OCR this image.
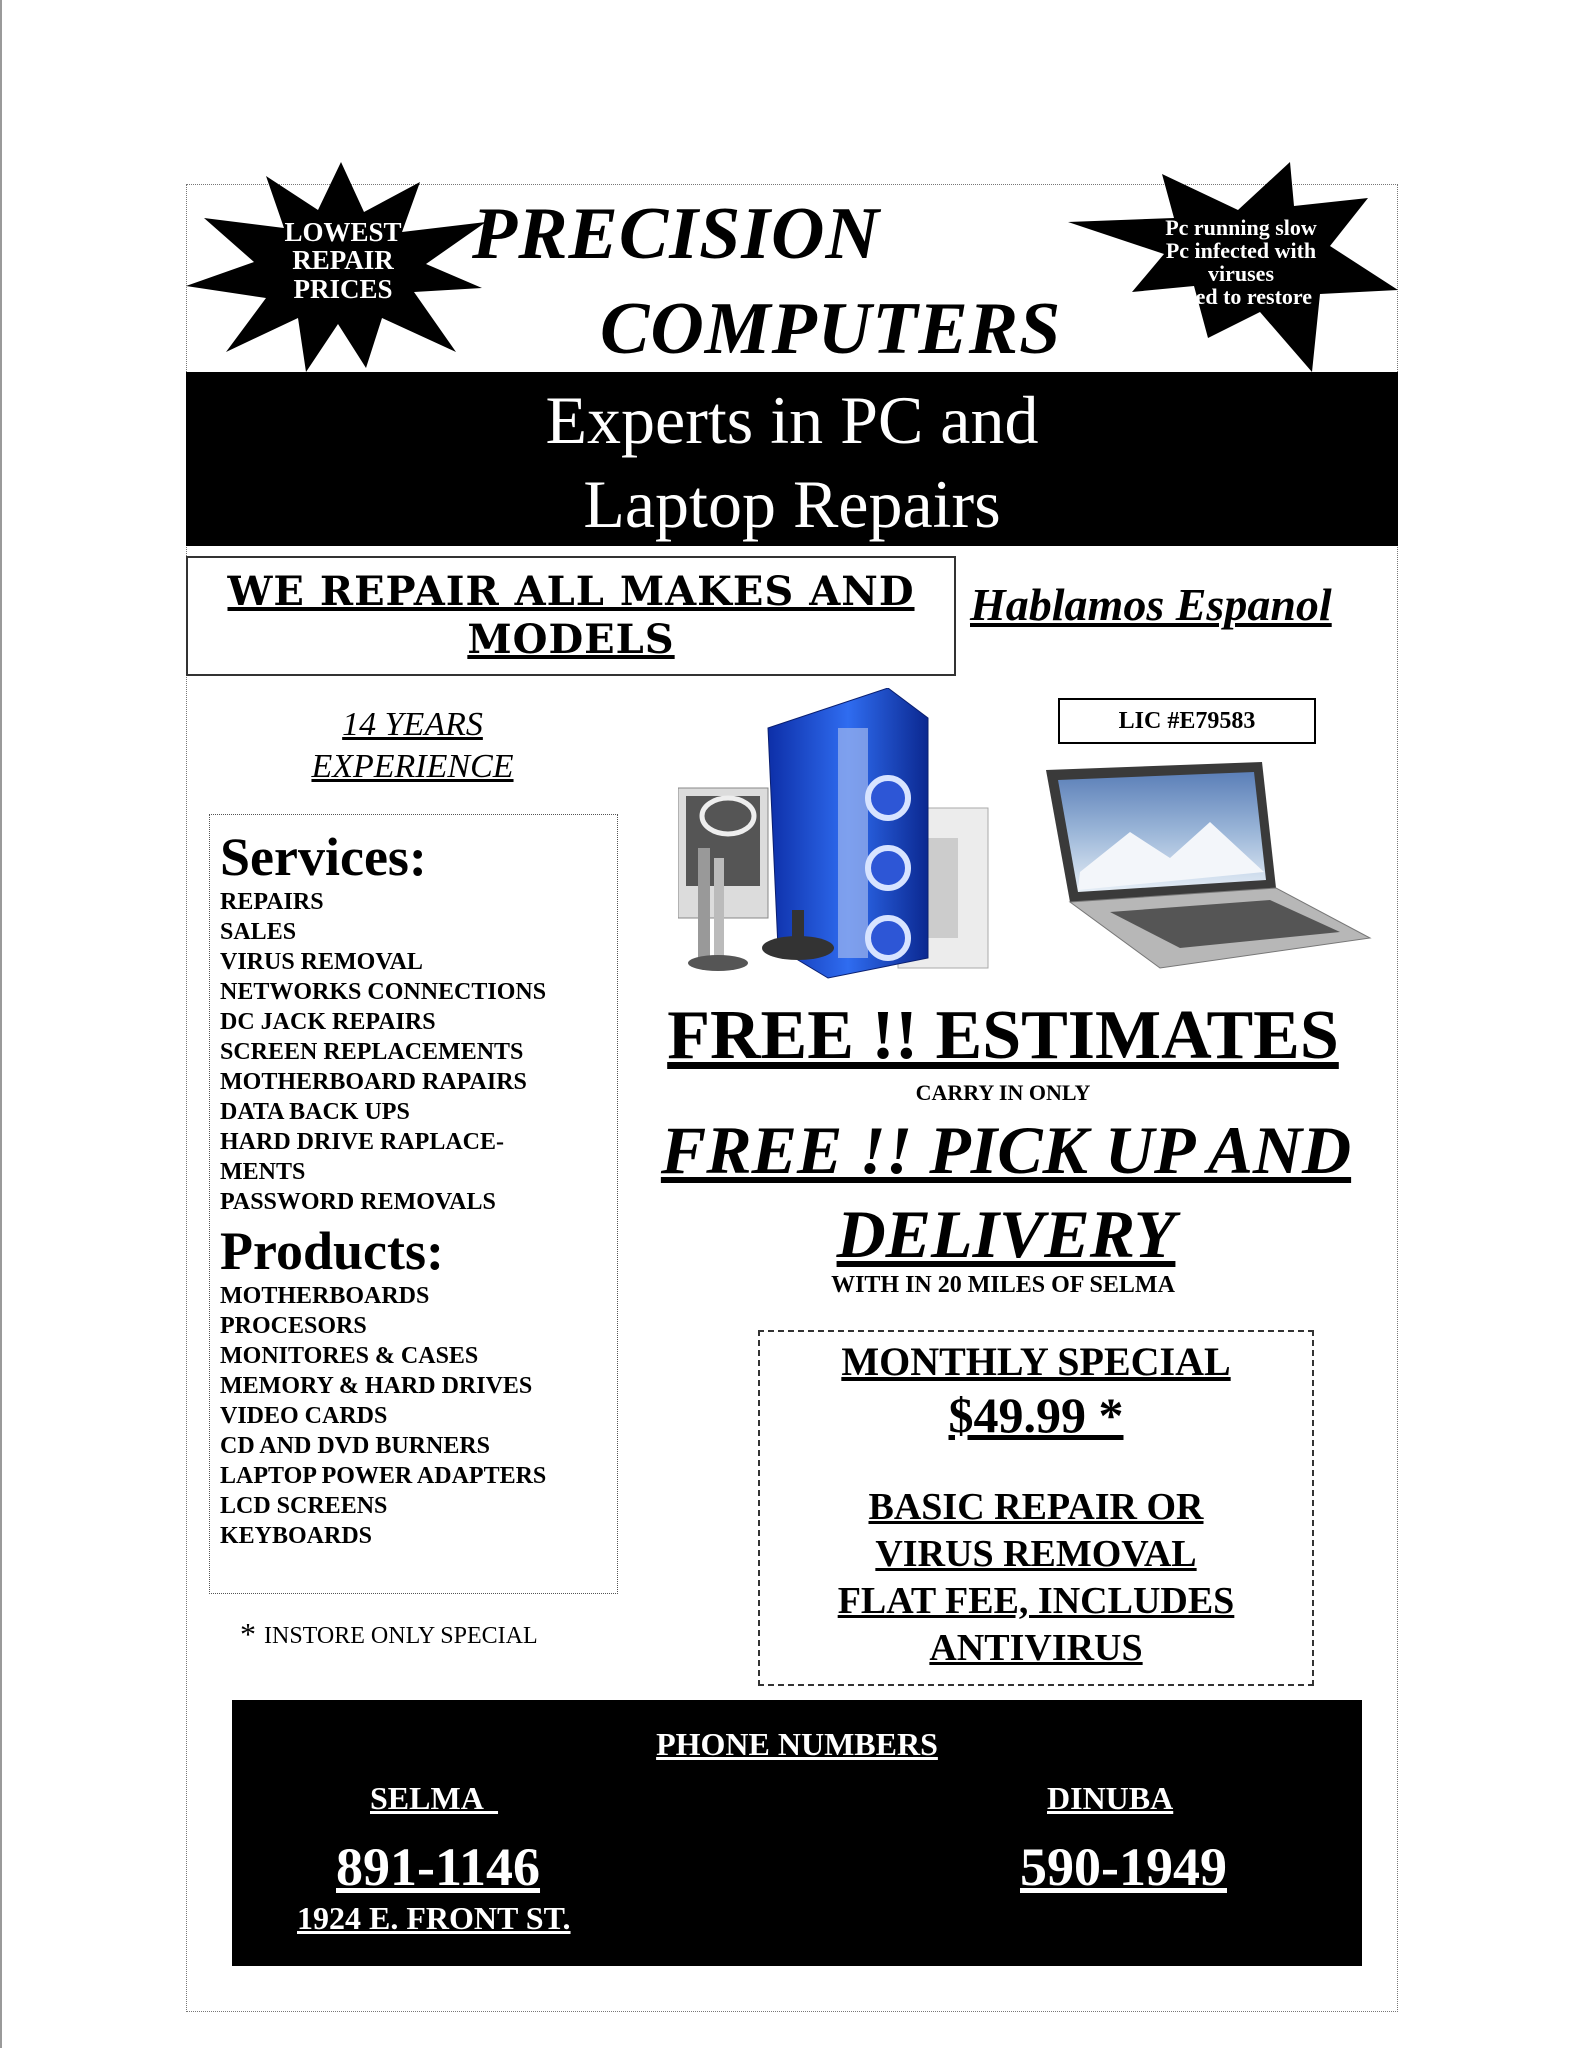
LOWEST
REPAIR
PRICES
PRECISION
COMPUTERS
Pc running slow
Pc infected with
viruses
Need to restore
Experts in PC and
Laptop Repairs
WE REPAIR ALL MAKES AND
MODELS
Hablamos Espanol
14 YEARS
EXPERIENCE
LIC #E79583
Services:
REPAIRS
SALES
VIRUS REMOVAL
NETWORKS CONNECTIONS
DC JACK REPAIRS
SCREEN REPLACEMENTS
MOTHERBOARD RAPAIRS
DATA BACK UPS
HARD DRIVE RAPLACE-
MENTS
PASSWORD REMOVALS
Products:
MOTHERBOARDS
PROCESORS
MONITORES & CASES
MEMORY & HARD DRIVES
VIDEO CARDS
CD AND DVD BURNERS
LAPTOP POWER ADAPTERS
LCD SCREENS
KEYBOARDS
* INSTORE ONLY SPECIAL
FREE !! ESTIMATES
CARRY IN ONLY
FREE !! PICK UP AND
DELIVERY
WITH IN 20 MILES OF SELMA
MONTHLY SPECIAL
$49.99 *
BASIC REPAIR OR
VIRUS REMOVAL
FLAT FEE, INCLUDES
ANTIVIRUS
PHONE NUMBERS
SELMA	DINUBA
891-1146	590-1949
1924 E. FRONT ST.
